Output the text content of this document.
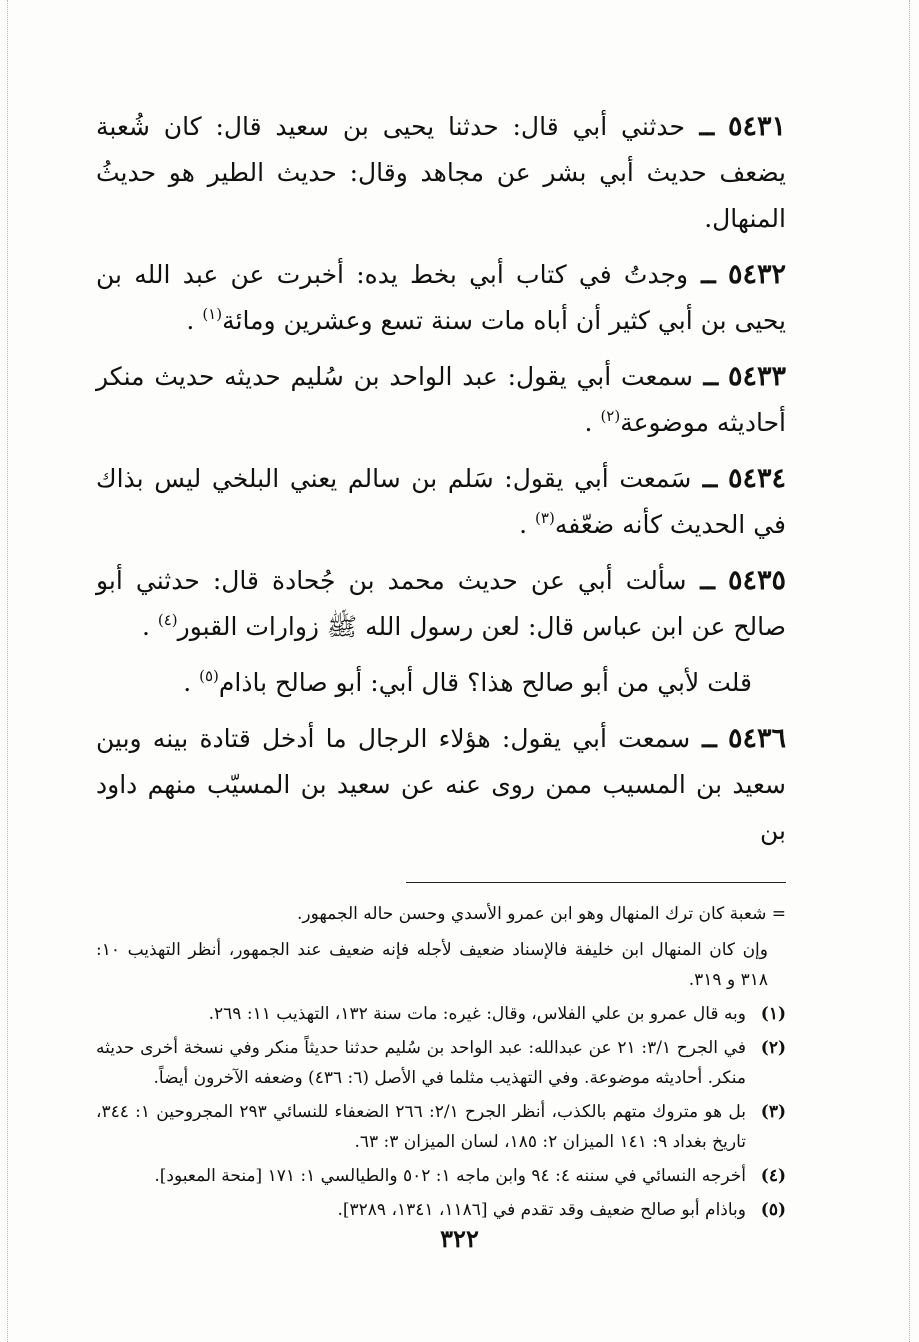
٥٤٣١ ــ حدثني أبي قال: حدثنا يحيى بن سعيد قال: كان شُعبة يضعف حديث أبي بشر عن مجاهد وقال: حديث الطير هو حديثُ المنهال.

٥٤٣٢ ــ وجدتُ في كتاب أبي بخط يده: أخبرت عن عبد الله بن يحيى بن أبي كثير أن أباه مات سنة تسع وعشرين ومائة$^{(١)}$ .

٥٤٣٣ ــ سمعت أبي يقول: عبد الواحد بن سُليم حديثه حديث منكر أحاديثه موضوعة$^{(٢)}$ .

٥٤٣٤ ــ سَمعت أبي يقول: سَلم بن سالم يعني البلخي ليس بذاك في الحديث كأنه ضعّفه$^{(٣)}$ .

٥٤٣٥ ــ سألت أبي عن حديث محمد بن جُحادة قال: حدثني أبو صالح عن ابن عباس قال: لعن رسول الله ﷺ زوارات القبور$^{(٤)}$ .

قلت لأبي من أبو صالح هذا؟ قال أبي: أبو صالح باذام$^{(٥)}$ .

٥٤٣٦ ــ سمعت أبي يقول: هؤلاء الرجال ما أدخل قتادة بينه وبين سعيد بن المسيب ممن روى عنه عن سعيد بن المسيّب منهم داود بن

= شعبة كان ترك المنهال وهو ابن عمرو الأسدي وحسن حاله الجمهور.

وإن كان المنهال ابن خليفة فالإسناد ضعيف لأجله فإنه ضعيف عند الجمهور، أنظر التهذيب ١٠: ٣١٨ و ٣١٩.

(١)
وبه قال عمرو بن علي الفلاس، وقال: غيره: مات سنة ١٣٢، التهذيب ١١: ٢٦٩.
(٢)
في الجرح ٣/١: ٢١ عن عبدالله: عبد الواحد بن سُليم حدثنا حديثاً منكر وفي نسخة أخرى حديثه منكر. أحاديثه موضوعة. وفي التهذيب مثلما في الأصل (٦: ٤٣٦) وضعفه الآخرون أيضاً.
(٣)
بل هو متروك متهم بالكذب، أنظر الجرح ٢/١: ٢٦٦ الضعفاء للنسائي ٢٩٣ المجروحين ١: ٣٤٤، تاريخ بغداد ٩: ١٤١ الميزان ٢: ١٨٥، لسان الميزان ٣: ٦٣.
(٤)
أخرجه النسائي في سننه ٤: ٩٤ وابن ماجه ١: ٥٠٢ والطيالسي ١: ١٧١ [منحة المعبود].
(٥)
وباذام أبو صالح ضعيف وقد تقدم في [١١٨٦، ١٣٤١، ٣٢٨٩].
٣٢٢
